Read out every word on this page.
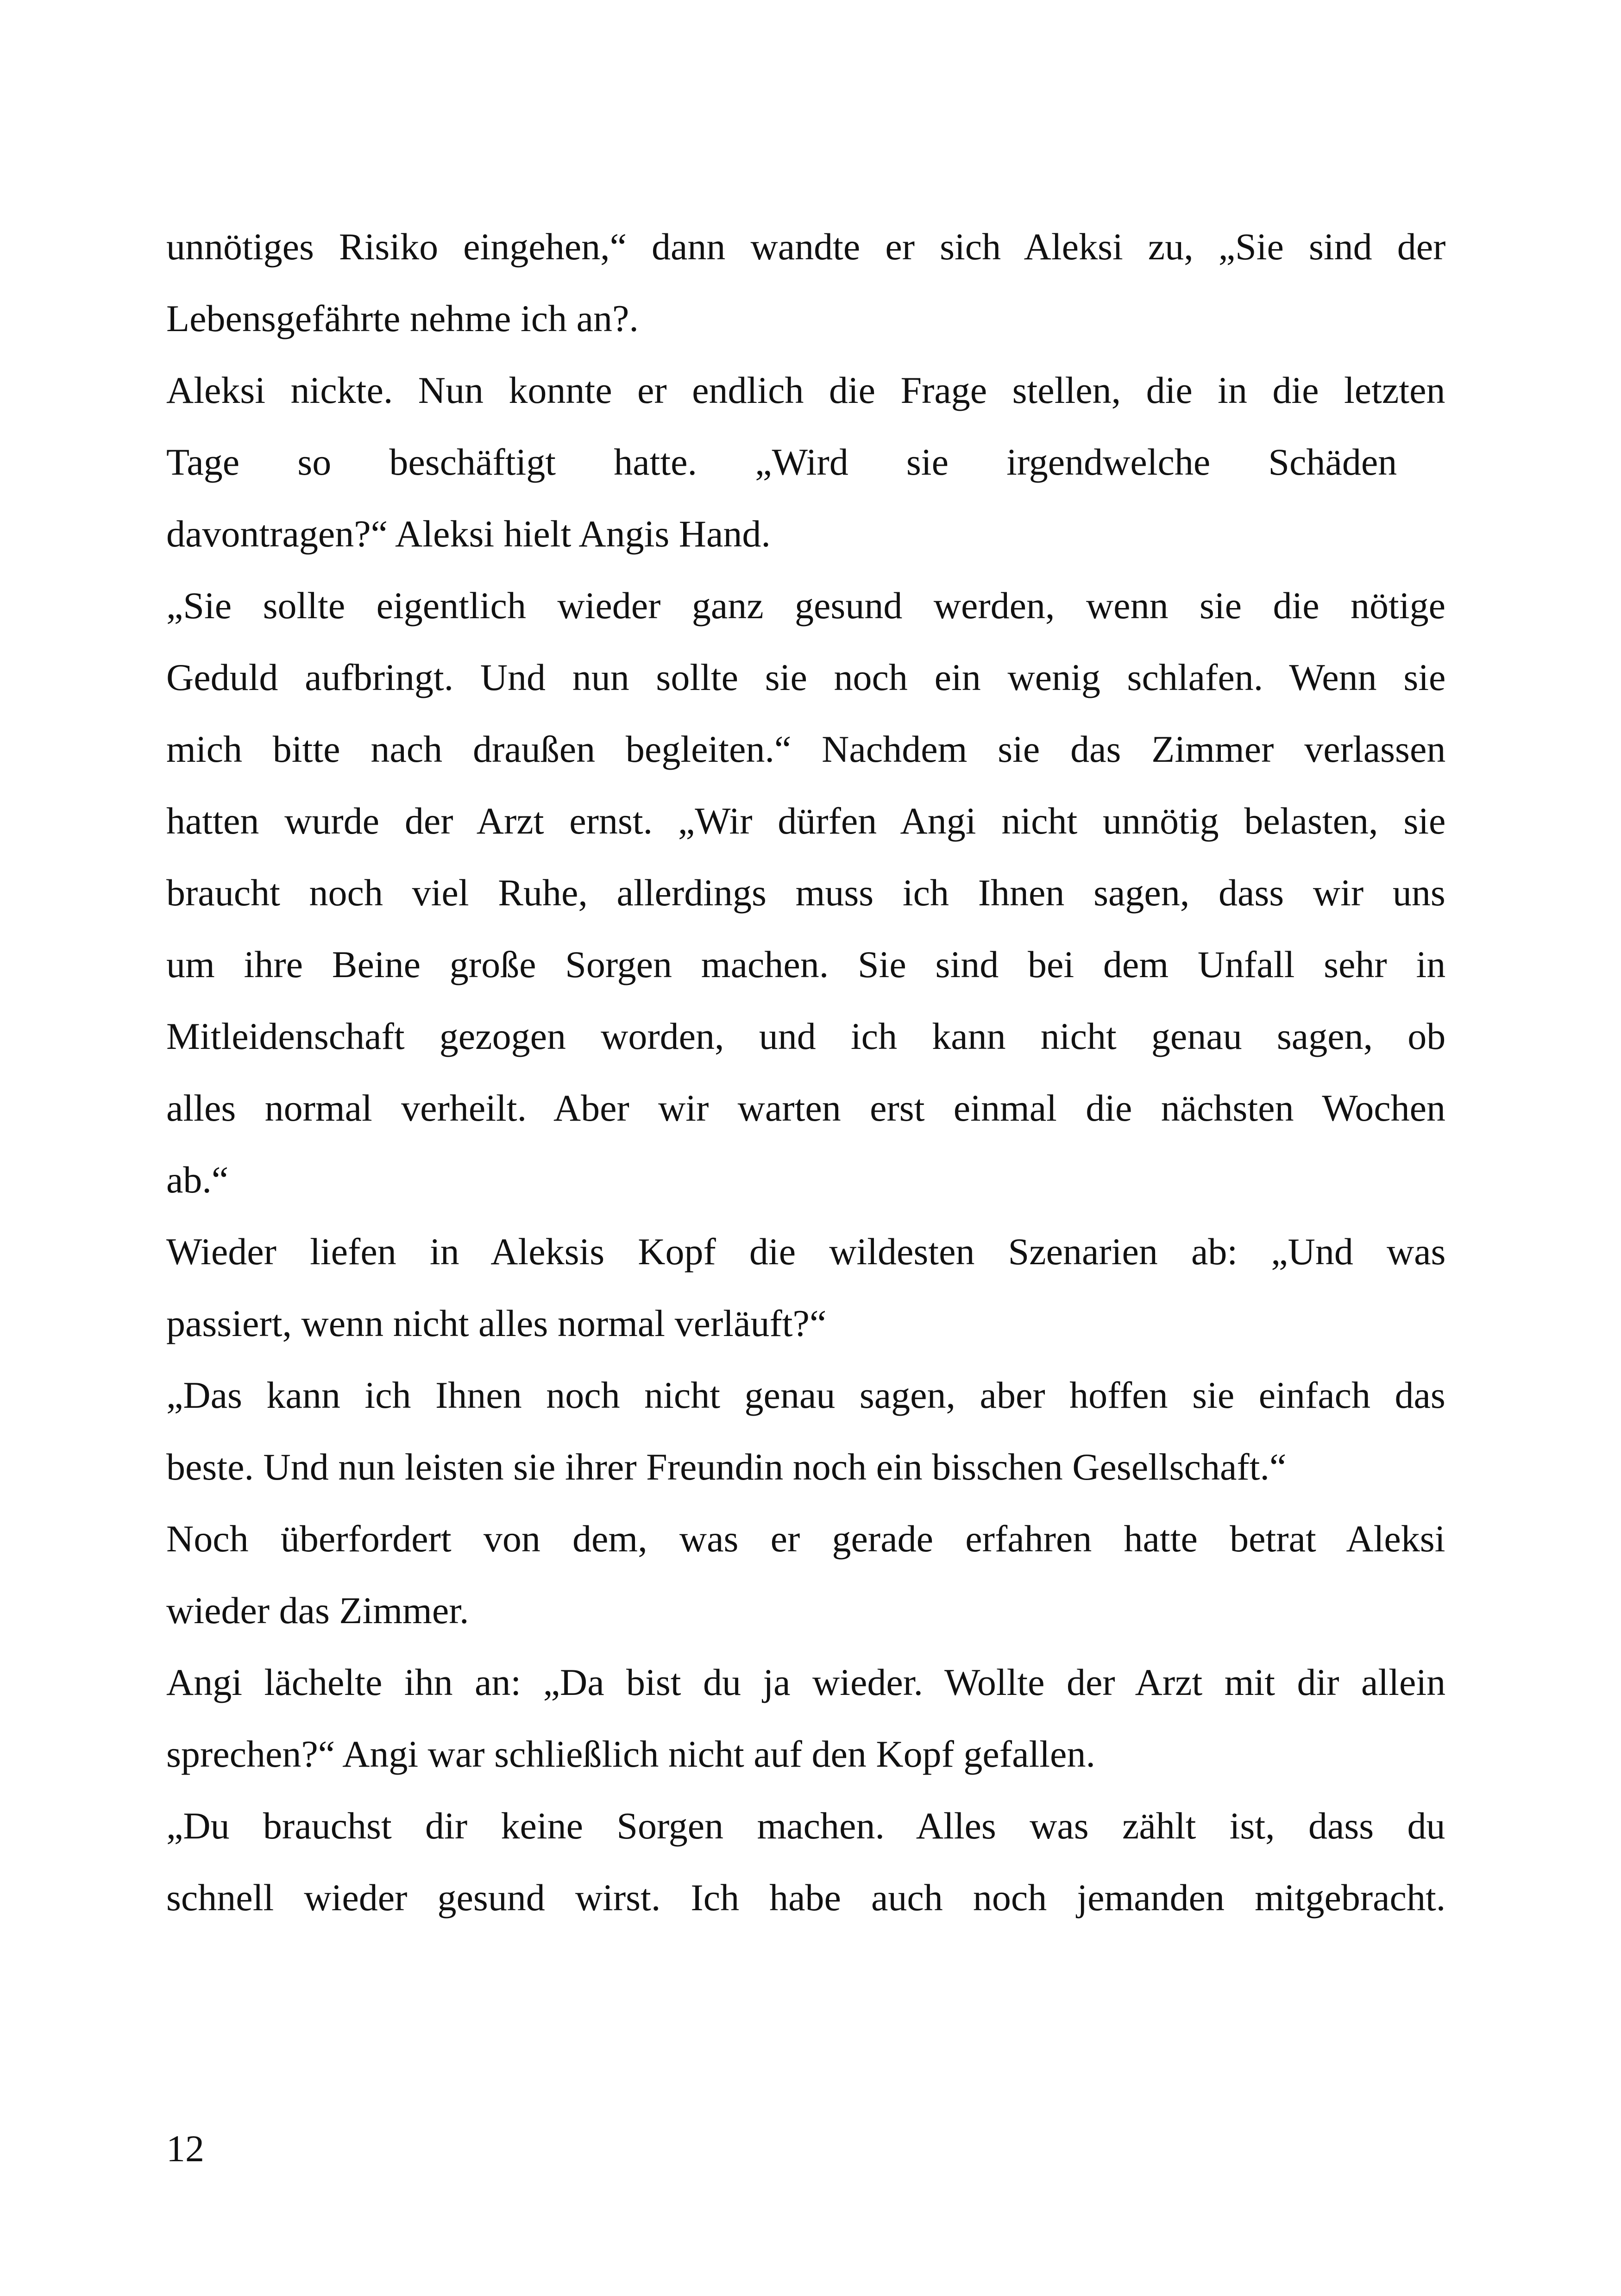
unnötiges Risiko eingehen,“ dann wandte er sich Aleksi zu, „Sie sind der
Lebensgefährte nehme ich an?.
Aleksi nickte. Nun konnte er endlich die Frage stellen, die in die letzten
Tage so beschäftigt hatte. „Wird sie irgendwelche Schäden
davontragen?“ Aleksi hielt Angis Hand.
„Sie sollte eigentlich wieder ganz gesund werden, wenn sie die nötige
Geduld aufbringt. Und nun sollte sie noch ein wenig schlafen. Wenn sie
mich bitte nach draußen begleiten.“ Nachdem sie das Zimmer verlassen
hatten wurde der Arzt ernst. „Wir dürfen Angi nicht unnötig belasten, sie
braucht noch viel Ruhe, allerdings muss ich Ihnen sagen, dass wir uns
um ihre Beine große Sorgen machen. Sie sind bei dem Unfall sehr in
Mitleidenschaft gezogen worden, und ich kann nicht genau sagen, ob
alles normal verheilt. Aber wir warten erst einmal die nächsten Wochen
ab.“
Wieder liefen in Aleksis Kopf die wildesten Szenarien ab: „Und was
passiert, wenn nicht alles normal verläuft?“
„Das kann ich Ihnen noch nicht genau sagen, aber hoffen sie einfach das
beste. Und nun leisten sie ihrer Freundin noch ein bisschen Gesellschaft.“
Noch überfordert von dem, was er gerade erfahren hatte betrat Aleksi
wieder das Zimmer.
Angi lächelte ihn an: „Da bist du ja wieder. Wollte der Arzt mit dir allein
sprechen?“ Angi war schließlich nicht auf den Kopf gefallen.
„Du brauchst dir keine Sorgen machen. Alles was zählt ist, dass du
schnell wieder gesund wirst. Ich habe auch noch jemanden mitgebracht.
12
